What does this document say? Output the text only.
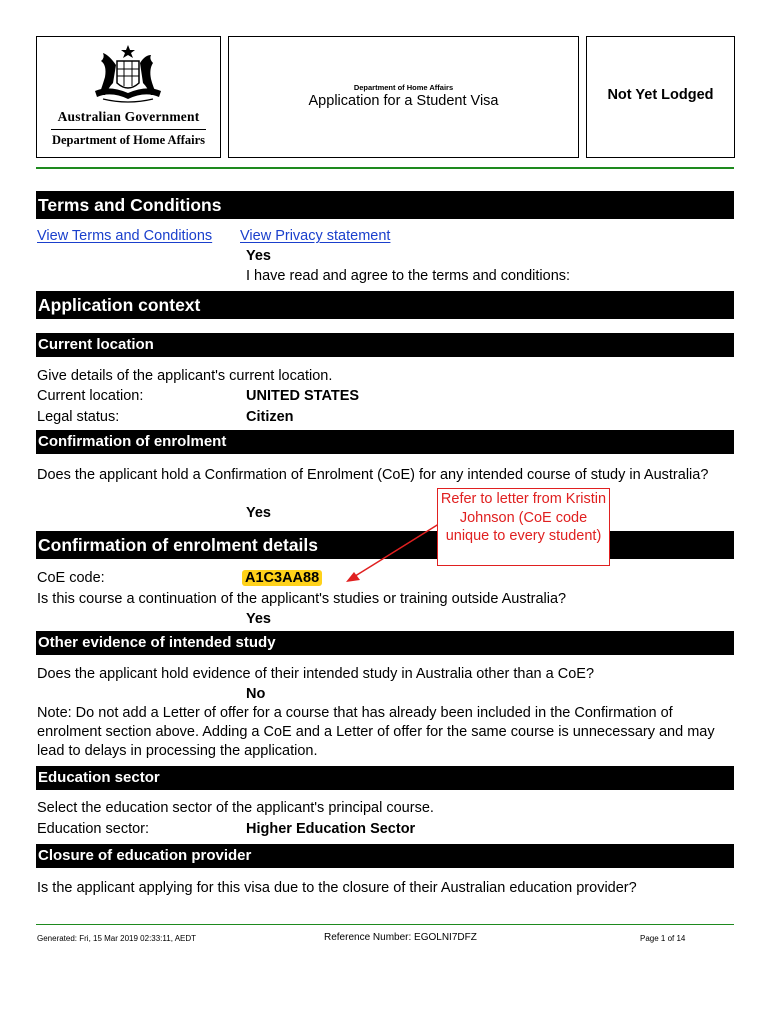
Australian Government
Department of Home Affairs
Department of Home Affairs
Application for a Student Visa	Not Yet Lodged
Terms and Conditions
View Terms and Conditions View Privacy statement
Yes
I have read and agree to the terms and conditions:
Application context
Current location
Give details of the applicant's current location.
Current location:	UNITED STATES
Legal status:	Citizen
Confirmation of enrolment
Does the applicant hold a Confirmation of Enrolment (CoE) for any intended course of study in Australia?
Yes
Confirmation of enrolment details
CoE code:	A1C3AA88
Is this course a continuation of the applicant's studies or training outside Australia?
Yes
Refer to letter from Kristin Johnson (CoE code unique to every student)
Other evidence of intended study
Does the applicant hold evidence of their intended study in Australia other than a CoE?
No
Note: Do not add a Letter of offer for a course that has already been included in the Confirmation of enrolment section above. Adding a CoE and a Letter of offer for the same course is unnecessary and may lead to delays in processing the application.
Education sector
Select the education sector of the applicant's principal course.
Education sector:	Higher Education Sector
Closure of education provider
Is the applicant applying for this visa due to the closure of their Australian education provider?
Generated: Fri, 15 Mar 2019 02:33:11, AEDT	Reference Number: EGOLNI7DFZ	Page 1 of 14
